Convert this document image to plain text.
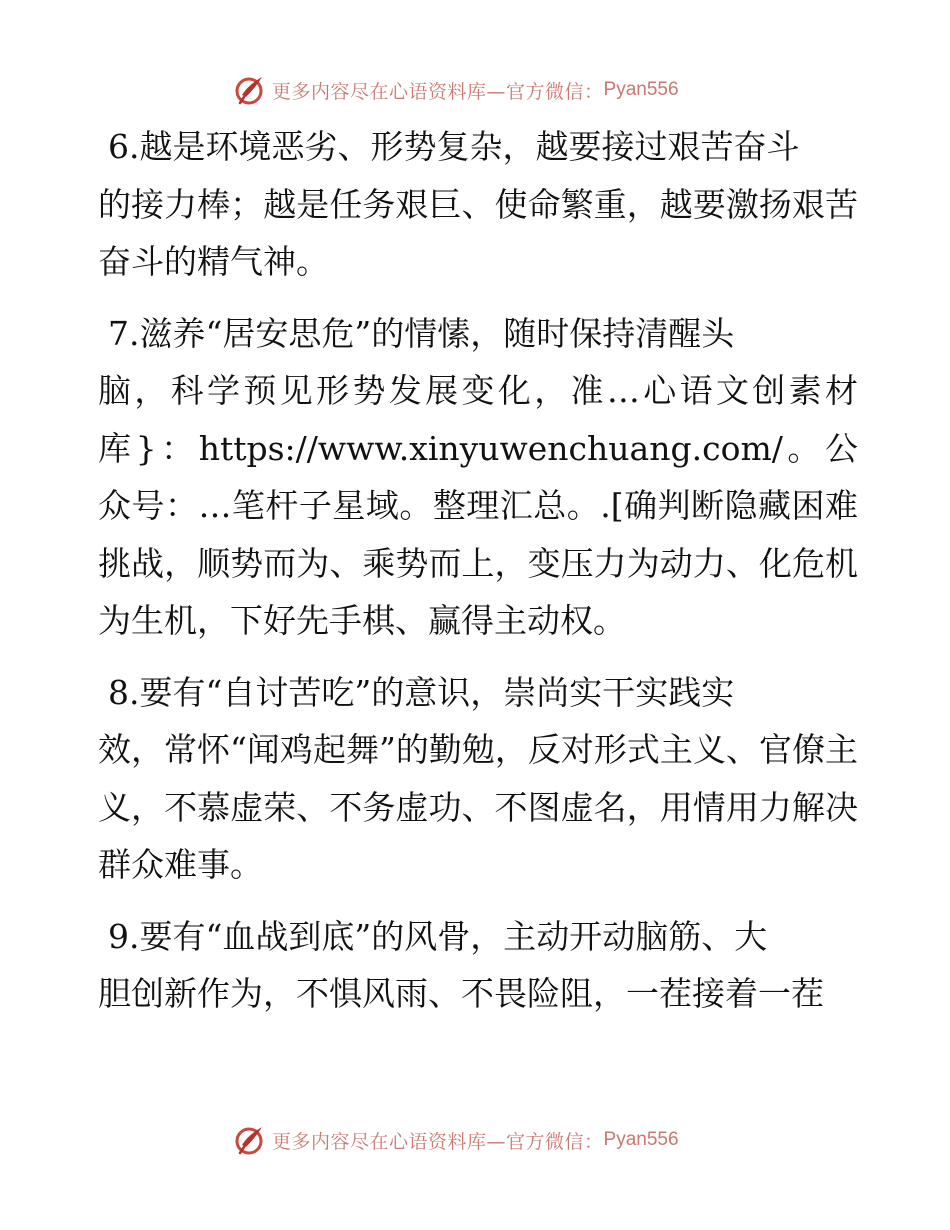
更多内容尽在心语资料库—官方微信： Pyan556

6.越是环境恶劣、形势复杂，越要接过艰苦奋斗
的接力棒；越是任务艰巨、使命繁重，越要激扬艰苦奋斗的精气神。

7.滋养“居安思危”的情愫，随时保持清醒头
脑，科学预见形势发展变化，准…心语文创素材库}：https://www.xinyuwenchuang.com/。公众号：…笔杆子星域。整理汇总。.[确判断隐藏困难挑战，顺势而为、乘势而上，变压力为动力、化危机为生机，下好先手棋、赢得主动权。

8.要有“自讨苦吃”的意识，崇尚实干实践实
效，常怀“闻鸡起舞”的勤勉，反对形式主义、官僚主义，不慕虚荣、不务虚功、不图虚名，用情用力解决群众难事。

9.要有“血战到底”的风骨，主动开动脑筋、大
胆创新作为，不惧风雨、不畏险阻，一茬接着一茬

更多内容尽在心语资料库—官方微信： Pyan556
